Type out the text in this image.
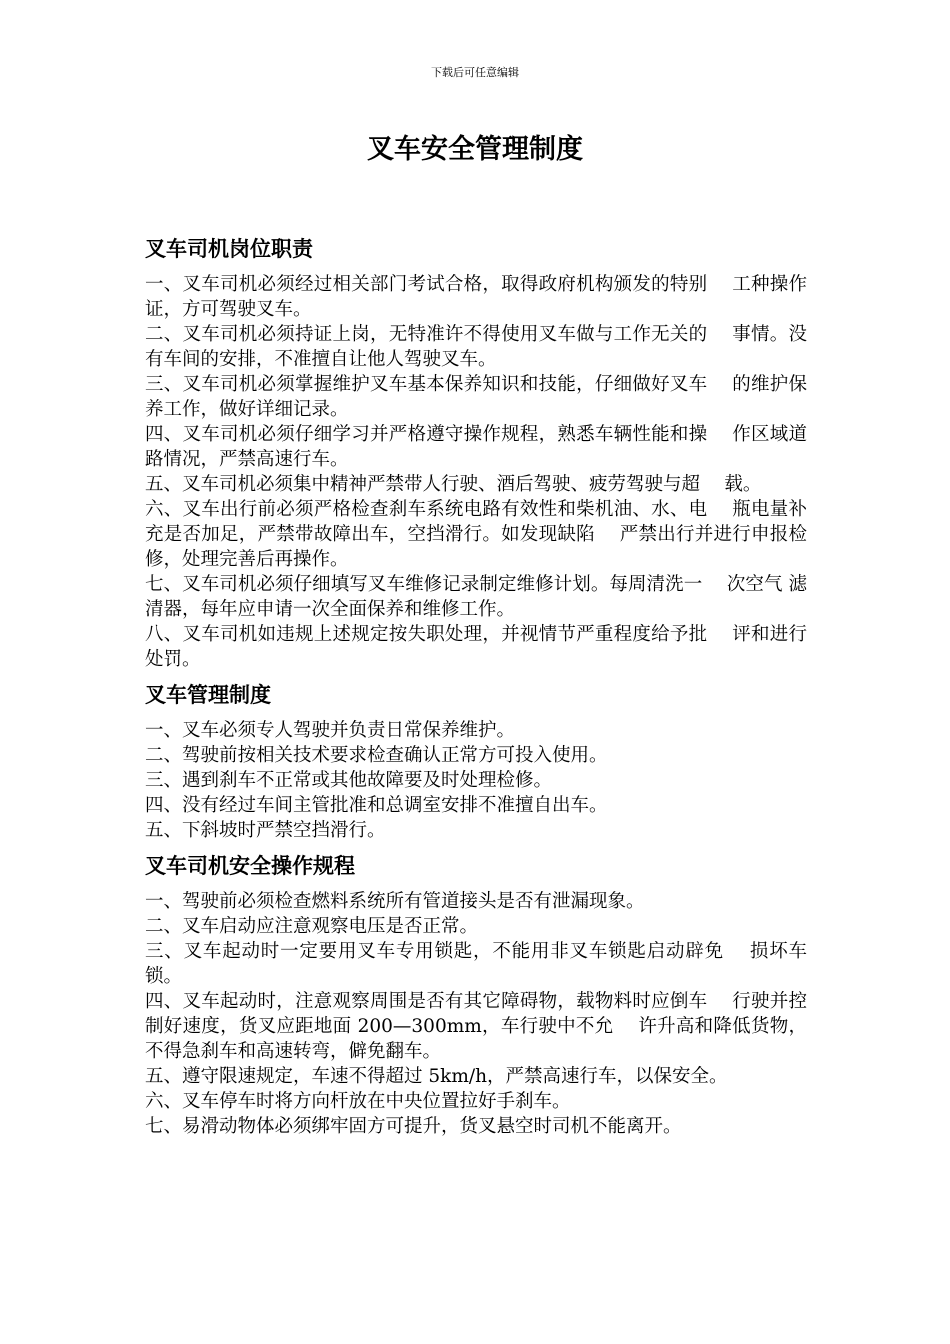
下载后可任意编辑
叉车安全管理制度
叉车司机岗位职责
一、叉车司机必须经过相关部门考试合格，取得政府机构颁发的特别　 工种操作证，方可驾驶叉车。
二、叉车司机必须持证上岗，无特准许不得使用叉车做与工作无关的　 事情。没有车间的安排，不准擅自让他人驾驶叉车。
三、叉车司机必须掌握维护叉车基本保养知识和技能，仔细做好叉车　 的维护保养工作，做好详细记录。
四、叉车司机必须仔细学习并严格遵守操作规程，熟悉车辆性能和操　 作区域道路情况，严禁高速行车。
五、叉车司机必须集中精神严禁带人行驶、酒后驾驶、疲劳驾驶与超　 载。
六、叉车出行前必须严格检查刹车系统电路有效性和柴机油、水、电　 瓶电量补充是否加足，严禁带故障出车，空挡滑行。如发现缺陷　 严禁出行并进行申报检修，处理完善后再操作。
七、叉车司机必须仔细填写叉车维修记录制定维修计划。每周清洗一　 次空气 滤清器，每年应申请一次全面保养和维修工作。
八、叉车司机如违规上述规定按失职处理，并视情节严重程度给予批　 评和进行处罚。
叉车管理制度
一、叉车必须专人驾驶并负责日常保养维护。
二、驾驶前按相关技术要求检查确认正常方可投入使用。
三、遇到刹车不正常或其他故障要及时处理检修。
四、没有经过车间主管批准和总调室安排不准擅自出车。
五、下斜坡时严禁空挡滑行。
叉车司机安全操作规程
一、驾驶前必须检查燃料系统所有管道接头是否有泄漏现象。
二、叉车启动应注意观察电压是否正常。
三、叉车起动时一定要用叉车专用锁匙，不能用非叉车锁匙启动辟免　 损坏车锁。
四、叉车起动时，注意观察周围是否有其它障碍物，载物料时应倒车　 行驶并控制好速度，货叉应距地面 200—300mm，车行驶中不允　 许升高和降低货物，不得急刹车和高速转弯，僻免翻车。
五、遵守限速规定，车速不得超过 5km/h，严禁高速行车，以保安全。
六、叉车停车时将方向杆放在中央位置拉好手刹车。
七、易滑动物体必须绑牢固方可提升，货叉悬空时司机不能离开。
